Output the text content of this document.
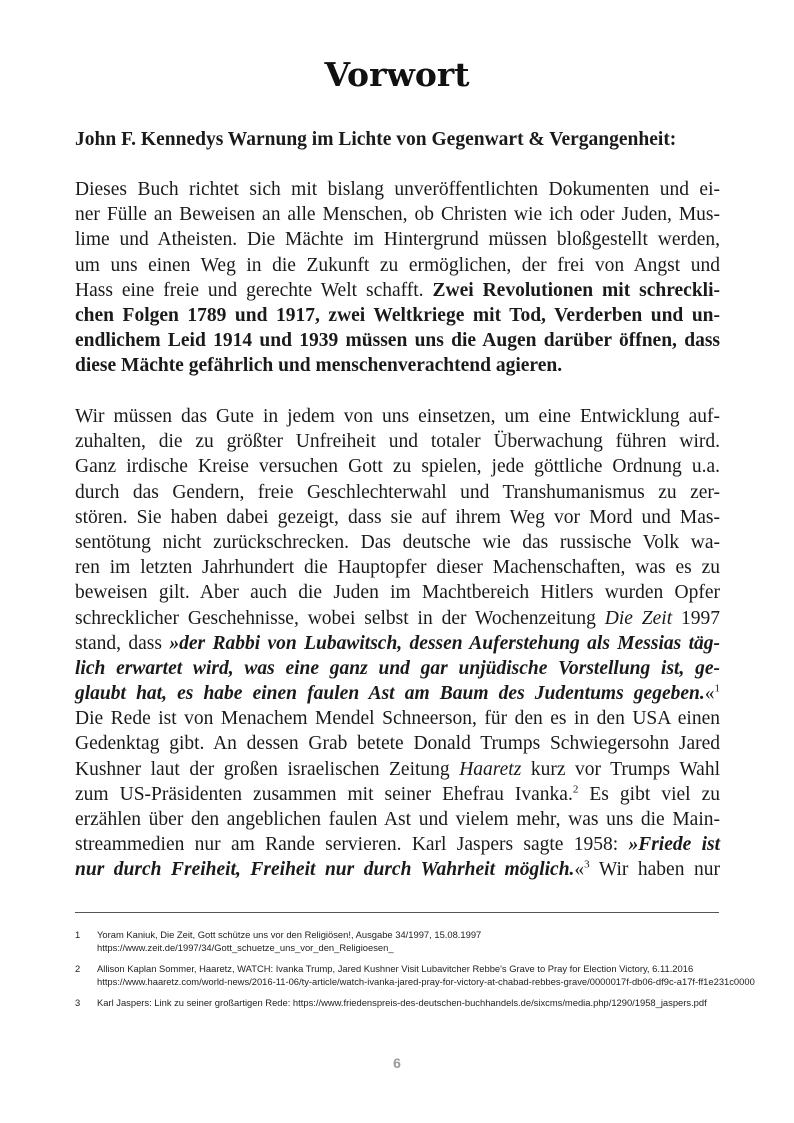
Vorwort
John F. Kennedys Warnung im Lichte von Gegenwart & Vergangenheit:
Dieses Buch richtet sich mit bislang unveröffentlichten Dokumenten und ei-
ner Fülle an Beweisen an alle Menschen, ob Christen wie ich oder Juden, Mus-
lime und Atheisten. Die Mächte im Hintergrund müssen bloßgestellt werden,
um uns einen Weg in die Zukunft zu ermöglichen, der frei von Angst und
Hass eine freie und gerechte Welt schafft. Zwei Revolutionen mit schreckli-
chen Folgen 1789 und 1917, zwei Weltkriege mit Tod, Verderben und un-
endlichem Leid 1914 und 1939 müssen uns die Augen darüber öffnen, dass
diese Mächte gefährlich und menschenverachtend agieren.
Wir müssen das Gute in jedem von uns einsetzen, um eine Entwicklung auf-
zuhalten, die zu größter Unfreiheit und totaler Überwachung führen wird.
Ganz irdische Kreise versuchen Gott zu spielen, jede göttliche Ordnung u.a.
durch das Gendern, freie Geschlechterwahl und Transhumanismus zu zer-
stören. Sie haben dabei gezeigt, dass sie auf ihrem Weg vor Mord und Mas-
sentötung nicht zurückschrecken. Das deutsche wie das russische Volk wa-
ren im letzten Jahrhundert die Hauptopfer dieser Machenschaften, was es zu
beweisen gilt. Aber auch die Juden im Machtbereich Hitlers wurden Opfer
schrecklicher Geschehnisse, wobei selbst in der Wochenzeitung Die Zeit 1997
stand, dass »der Rabbi von Lubawitsch, dessen Auferstehung als Messias täg-
lich erwartet wird, was eine ganz und gar unjüdische Vorstellung ist, ge-
glaubt hat, es habe einen faulen Ast am Baum des Judentums gegeben.«$^1$
Die Rede ist von Menachem Mendel Schneerson, für den es in den USA einen
Gedenktag gibt. An dessen Grab betete Donald Trumps Schwiegersohn Jared
Kushner laut der großen israelischen Zeitung Haaretz kurz vor Trumps Wahl
zum US-Präsidenten zusammen mit seiner Ehefrau Ivanka.$^2$ Es gibt viel zu
erzählen über den angeblichen faulen Ast und vielem mehr, was uns die Main-
streammedien nur am Rande servieren. Karl Jaspers sagte 1958: »Friede ist
nur durch Freiheit, Freiheit nur durch Wahrheit möglich.«$^3$ Wir haben nur
1	Yoram Kaniuk, Die Zeit, Gott schütze uns vor den Religiösen!, Ausgabe 34/1997, 15.08.1997
https://www.zeit.de/1997/34/Gott_schuetze_uns_vor_den_Religioesen_
2	Allison Kaplan Sommer, Haaretz, WATCH: Ivanka Trump, Jared Kushner Visit Lubavitcher Rebbe's Grave to Pray for Election Victory, 6.11.2016
https://www.haaretz.com/world-news/2016-11-06/ty-article/watch-ivanka-jared-pray-for-victory-at-chabad-rebbes-grave/0000017f-db06-df9c-a17f-ff1e231c0000
3	Karl Jaspers: Link zu seiner großartigen Rede: https://www.friedenspreis-des-deutschen-buchhandels.de/sixcms/media.php/1290/1958_jaspers.pdf
6
